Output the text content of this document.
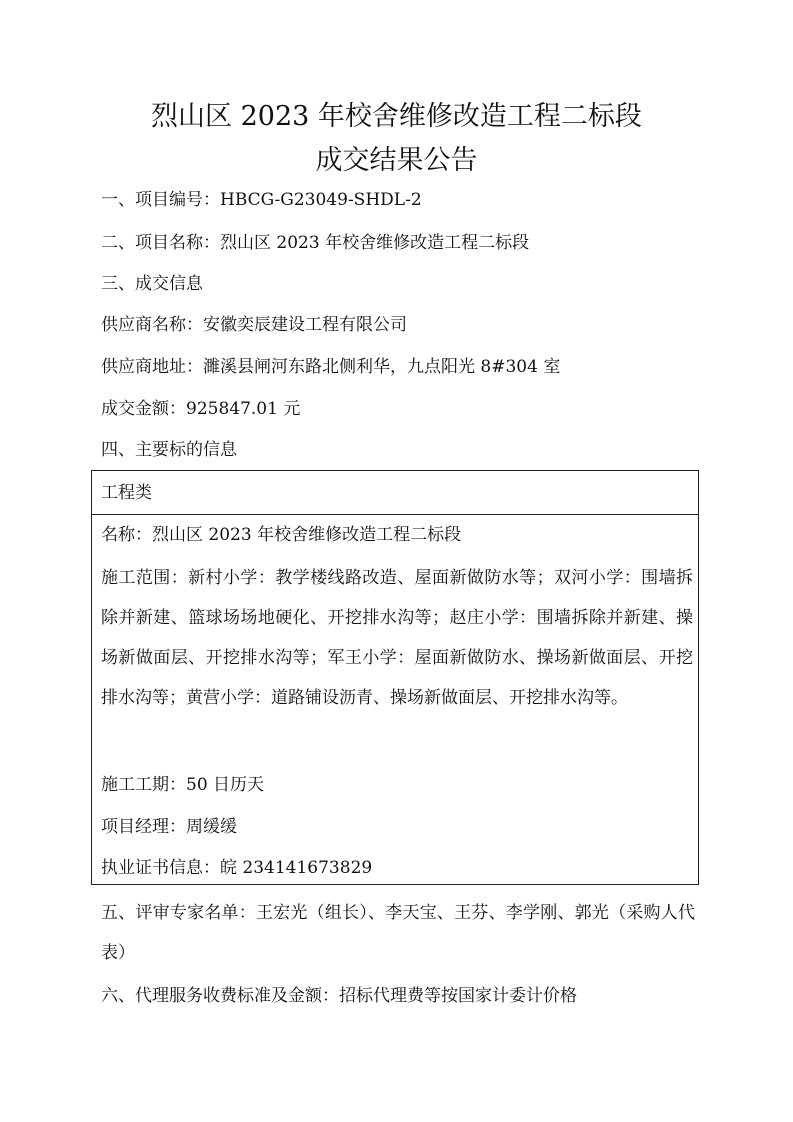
烈山区 2023 年校舍维修改造工程二标段
成交结果公告
一、项目编号：HBCG-G23049-SHDL-2
二、项目名称：烈山区 2023 年校舍维修改造工程二标段
三、成交信息
供应商名称：安徽奕辰建设工程有限公司
供应商地址：濉溪县闸河东路北侧利华，九点阳光 8#304 室
成交金额：925847.01 元
四、主要标的信息
工程类
名称：烈山区 2023 年校舍维修改造工程二标段
施工范围：新村小学：教学楼线路改造、屋面新做防水等；双河小学：围墙拆除并新建、篮球场场地硬化、开挖排水沟等；赵庄小学：围墙拆除并新建、操场新做面层、开挖排水沟等；军王小学：屋面新做防水、操场新做面层、开挖排水沟等；黄营小学：道路铺设沥青、操场新做面层、开挖排水沟等。
施工工期：50 日历天
项目经理：周缓缓
执业证书信息：皖 234141673829
五、评审专家名单：王宏光（组长）、李天宝、王芬、李学刚、郭光（采购人代表）
六、代理服务收费标准及金额：招标代理费等按国家计委计价格
